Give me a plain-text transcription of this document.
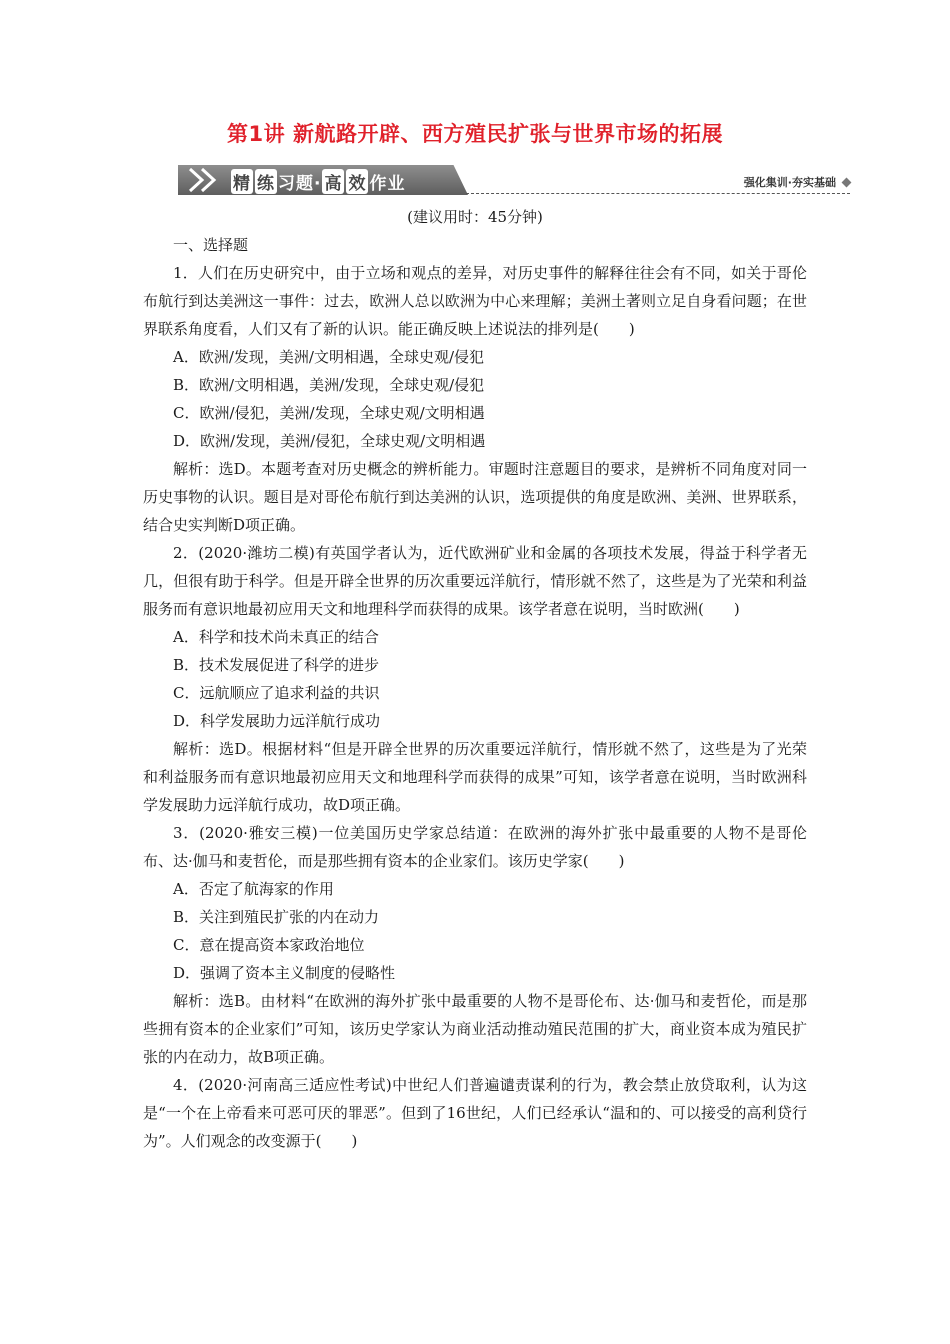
第1讲 新航路开辟、西方殖民扩张与世界市场的拓展
精 练 习题· 高 效 作业	强化集训·夯实基础

(建议用时：45分钟)

一、选择题

1．人们在历史研究中，由于立场和观点的差异，对历史事件的解释往往会有不同，如关于哥伦布航行到达美洲这一事件：过去，欧洲人总以欧洲为中心来理解；美洲土著则立足自身看问题；在世界联系角度看，人们又有了新的认识。能正确反映上述说法的排列是(　　)

A．欧洲/发现，美洲/文明相遇，全球史观/侵犯

B．欧洲/文明相遇，美洲/发现，全球史观/侵犯

C．欧洲/侵犯，美洲/发现，全球史观/文明相遇

D．欧洲/发现，美洲/侵犯，全球史观/文明相遇

解析：选D。本题考查对历史概念的辨析能力。审题时注意题目的要求，是辨析不同角度对同一历史事物的认识。题目是对哥伦布航行到达美洲的认识，选项提供的角度是欧洲、美洲、世界联系，结合史实判断D项正确。

2．(2020·潍坊二模)有英国学者认为，近代欧洲矿业和金属的各项技术发展，得益于科学者无几，但很有助于科学。但是开辟全世界的历次重要远洋航行，情形就不然了，这些是为了光荣和利益服务而有意识地最初应用天文和地理科学而获得的成果。该学者意在说明，当时欧洲(　　)

A．科学和技术尚未真正的结合

B．技术发展促进了科学的进步

C．远航顺应了追求利益的共识

D．科学发展助力远洋航行成功

解析：选D。根据材料“但是开辟全世界的历次重要远洋航行，情形就不然了，这些是为了光荣和利益服务而有意识地最初应用天文和地理科学而获得的成果”可知，该学者意在说明，当时欧洲科学发展助力远洋航行成功，故D项正确。

3．(2020·雅安三模)一位美国历史学家总结道：在欧洲的海外扩张中最重要的人物不是哥伦布、达·伽马和麦哲伦，而是那些拥有资本的企业家们。该历史学家(　　)

A．否定了航海家的作用

B．关注到殖民扩张的内在动力

C．意在提高资本家政治地位

D．强调了资本主义制度的侵略性

解析：选B。由材料“在欧洲的海外扩张中最重要的人物不是哥伦布、达·伽马和麦哲伦，而是那些拥有资本的企业家们”可知，该历史学家认为商业活动推动殖民范围的扩大，商业资本成为殖民扩张的内在动力，故B项正确。

4．(2020·河南高三适应性考试)中世纪人们普遍谴责谋利的行为，教会禁止放贷取利，认为这是“一个在上帝看来可恶可厌的罪恶”。但到了16世纪，人们已经承认“温和的、可以接受的高利贷行为”。人们观念的改变源于(　　)
